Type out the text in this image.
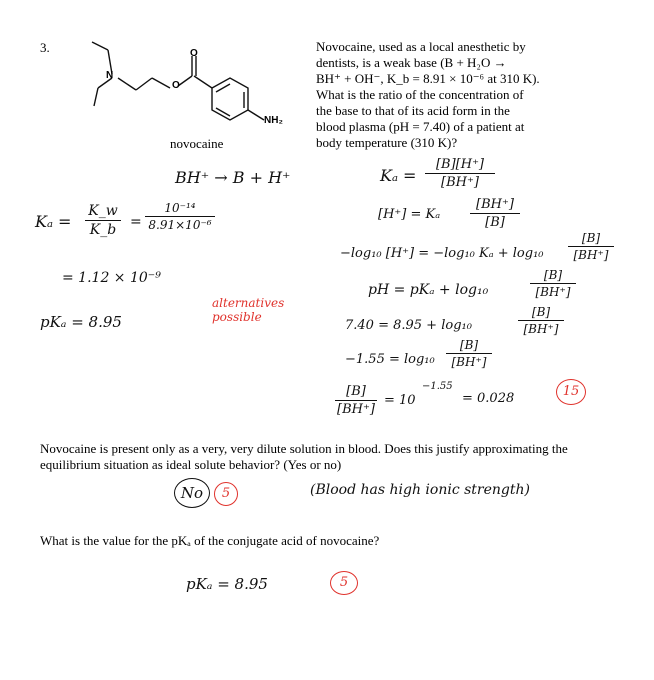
3.
N
O
O
NH₂
novocaine
Novocaine, used as a local anesthetic by
dentists, is a weak base (B + H₂O →
BH⁺ + OH⁻, K_b = 8.91 × 10⁻⁶ at 310 K).
What is the ratio of the concentration of
the base to that of its acid form in the
blood plasma (pH = 7.40) of a patient at
body temperature (310 K)?
BH⁺ → B + H⁺	Kₐ =
[B][H⁺]
[BH⁺]
[H⁺] = Kₐ
[BH⁺]
[B]
Kₐ =
K_w
K_b =
10⁻¹⁴
8.91×10⁻⁶
= 1.12 × 10⁻⁹
pKₐ = 8.95
alternatives
possible
−log₁₀ [H⁺] = −log₁₀ Kₐ + log₁₀
[B]
[BH⁺]
pH = pKₐ + log₁₀
[B]
[BH⁺]
7.40 = 8.95 + log₁₀
[B]
[BH⁺]
−1.55 = log₁₀
[B]
[BH⁺]
[B]
[BH⁺]
= 10
−1.55
= 0.028	15
Novocaine is present only as a very, very dilute solution in blood. Does this justify approximating the
equilibrium situation as ideal solute behavior? (Yes or no)
No	5	(Blood has high ionic strength)
What is the value for the pKₐ of the conjugate acid of novocaine?
pKₐ = 8.95	5
